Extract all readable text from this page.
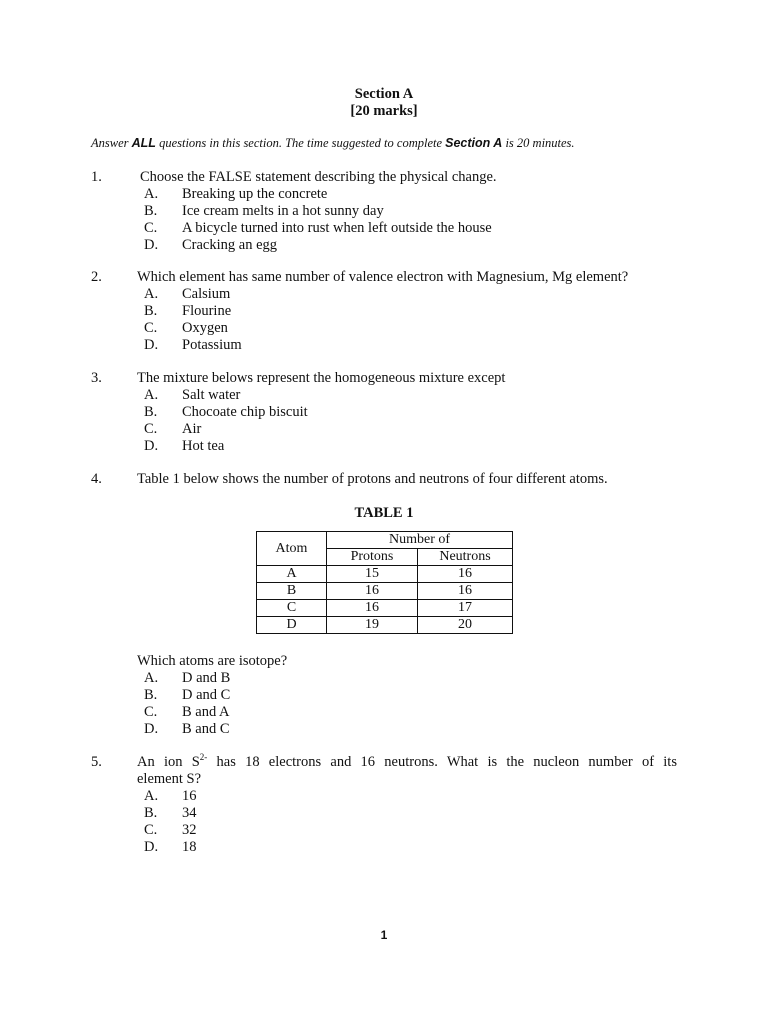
Section A
[20 marks]
Answer ALL questions in this section. The time suggested to complete Section A is 20 minutes.
1.	Choose the FALSE statement describing the physical change.
A. Breaking up the concrete
B. Ice cream melts in a hot sunny day
C. A bicycle turned into rust when left outside the house
D. Cracking an egg
2. Which element has same number of valence electron with Magnesium, Mg element?
A. Calsium
B. Flourine
C. Oxygen
D. Potassium
3. The mixture belows represent the homogeneous mixture except
A. Salt water
B. Chocoate chip biscuit
C. Air
D. Hot tea
4. Table 1 below shows the number of protons and neutrons of four different atoms.
TABLE 1
Atom	Number of	
	Protons	Neutrons
A	15	16
B	16	16
C	16	17
D	19	20
Which atoms are isotope?
A. D and B
B. D and C
C. B and A
D. B and C
5. An ion $S^{2-}$ has 18 electrons and 16 neutrons. What is the nucleon number of its
element S?
A. 16
B. 34
C. 32
D. 18
1
